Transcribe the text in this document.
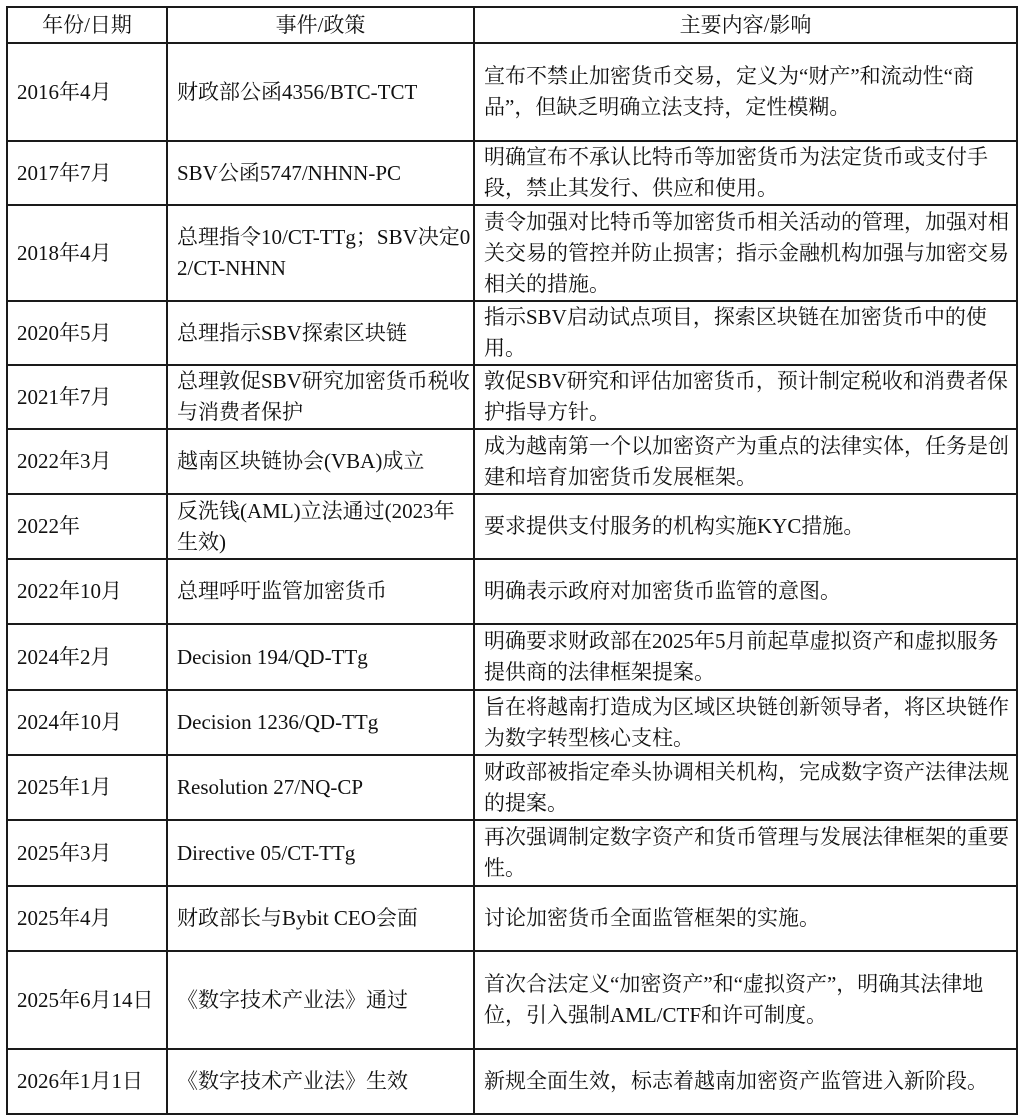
年份/日期	事件/政策	主要内容/影响
2016年4月	财政部公函4356/BTC-TCT	宣布不禁止加密货币交易，定义为“财产”和流动性“商品”，但缺乏明确立法支持，定性模糊。
2017年7月	SBV公函5747/NHNN-PC	明确宣布不承认比特币等加密货币为法定货币或支付手段，禁止其发行、供应和使用。
2018年4月	总理指令10/CT-TTg；SBV决定02/CT-NHNN	责令加强对比特币等加密货币相关活动的管理，加强对相关交易的管控并防止损害；指示金融机构加强与加密交易相关的措施。
2020年5月	总理指示SBV探索区块链	指示SBV启动试点项目，探索区块链在加密货币中的使用。
2021年7月	总理敦促SBV研究加密货币税收与消费者保护	敦促SBV研究和评估加密货币，预计制定税收和消费者保护指导方针。
2022年3月	越南区块链协会(VBA)成立	成为越南第一个以加密资产为重点的法律实体，任务是创建和培育加密货币发展框架。
2022年	反洗钱(AML)立法通过(2023年生效)	要求提供支付服务的机构实施KYC措施。
2022年10月	总理呼吁监管加密货币	明确表示政府对加密货币监管的意图。
2024年2月	Decision 194/QD-TTg	明确要求财政部在2025年5月前起草虚拟资产和虚拟服务提供商的法律框架提案。
2024年10月	Decision 1236/QD-TTg	旨在将越南打造成为区域区块链创新领导者，将区块链作为数字转型核心支柱。
2025年1月	Resolution 27/NQ-CP	财政部被指定牵头协调相关机构，完成数字资产法律法规的提案。
2025年3月	Directive 05/CT-TTg	再次强调制定数字资产和货币管理与发展法律框架的重要性。
2025年4月	财政部长与Bybit CEO会面	讨论加密货币全面监管框架的实施。
2025年6月14日	《数字技术产业法》通过	首次合法定义“加密资产”和“虚拟资产”，明确其法律地位，引入强制AML/CTF和许可制度。
2026年1月1日	《数字技术产业法》生效	新规全面生效，标志着越南加密资产监管进入新阶段。
